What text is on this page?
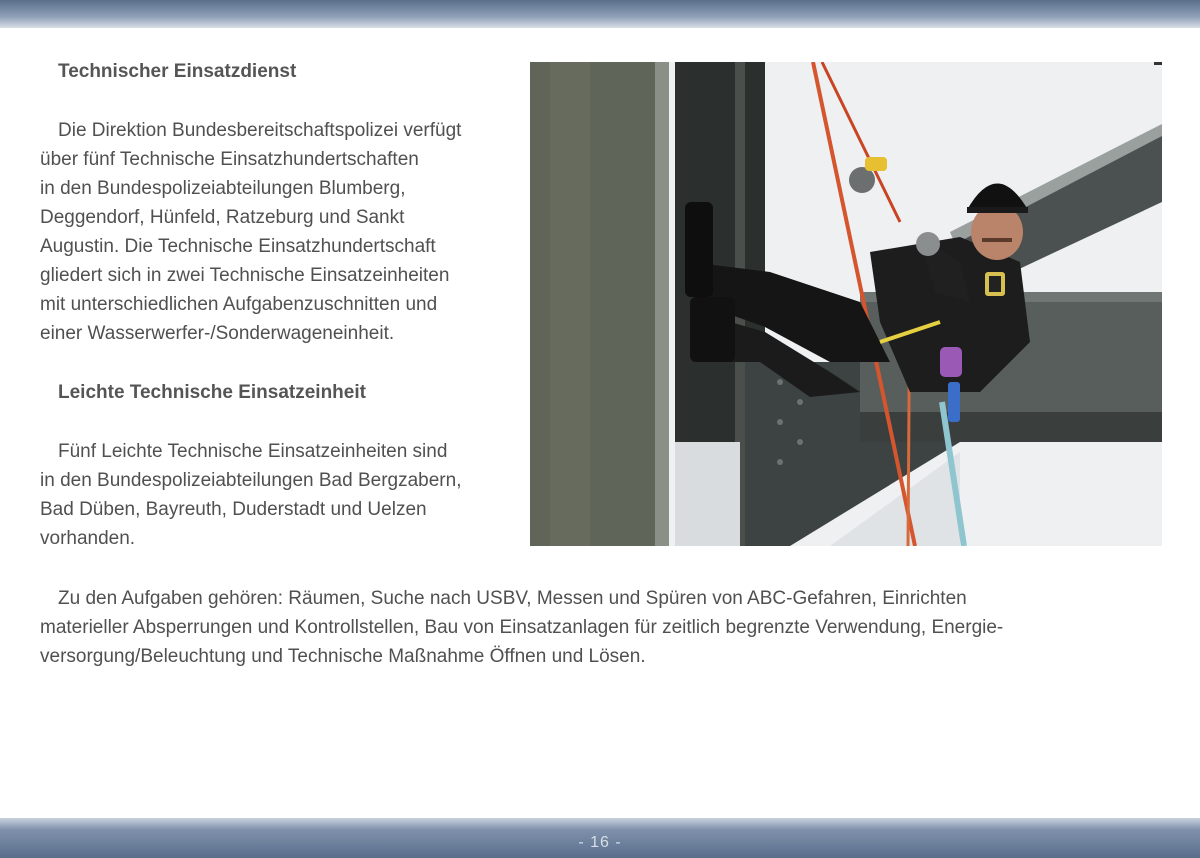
Technischer Einsatzdienst
Die Direktion Bundesbereitschaftspolizei verfügt
über fünf Technische Einsatzhundertschaften
in den Bundespolizeiabteilungen Blumberg,
Deggendorf, Hünfeld, Ratzeburg und Sankt
Augustin. Die Technische Einsatzhundertschaft
gliedert sich in zwei Technische Einsatzeinheiten
mit unterschiedlichen Aufgabenzuschnitten und
einer Wasserwerfer-/Sonderwageneinheit.
Leichte Technische Einsatzeinheit
Fünf Leichte Technische Einsatzeinheiten sind
in den Bundespolizeiabteilungen Bad Bergzabern,
Bad Düben, Bayreuth, Duderstadt und Uelzen
vorhanden.
Zu den Aufgaben gehören: Räumen, Suche nach USBV, Messen und Spüren von ABC-Gefahren, Einrichten
materieller Absperrungen und Kontrollstellen, Bau von Einsatzanlagen für zeitlich begrenzte Verwendung, Energie-
versorgung/Beleuchtung und Technische Maßnahme Öffnen und Lösen.
- 16 -
